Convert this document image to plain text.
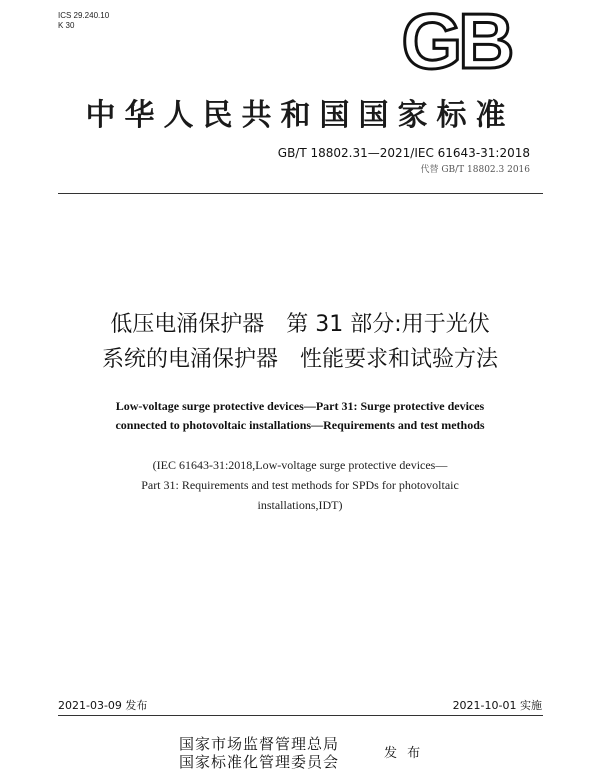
ICS 29.240.10
K 30	GB
中华人民共和国国家标准
GB/T 18802.31—2021/IEC 61643-31:2018
代替 GB/T 18802.3 2016
低压电涌保护器　第 31 部分:用于光伏
系统的电涌保护器　性能要求和试验方法
Low-voltage surge protective devices—Part 31: Surge protective devices
connected to photovoltaic installations—Requirements and test methods
(IEC 61643-31:2018,Low-voltage surge protective devices—
Part 31: Requirements and test methods for SPDs for photovoltaic
installations,IDT)
2021-03-09 发布	2021-10-01 实施
国家市场监督管理总局
国家标准化管理委员会	发 布
